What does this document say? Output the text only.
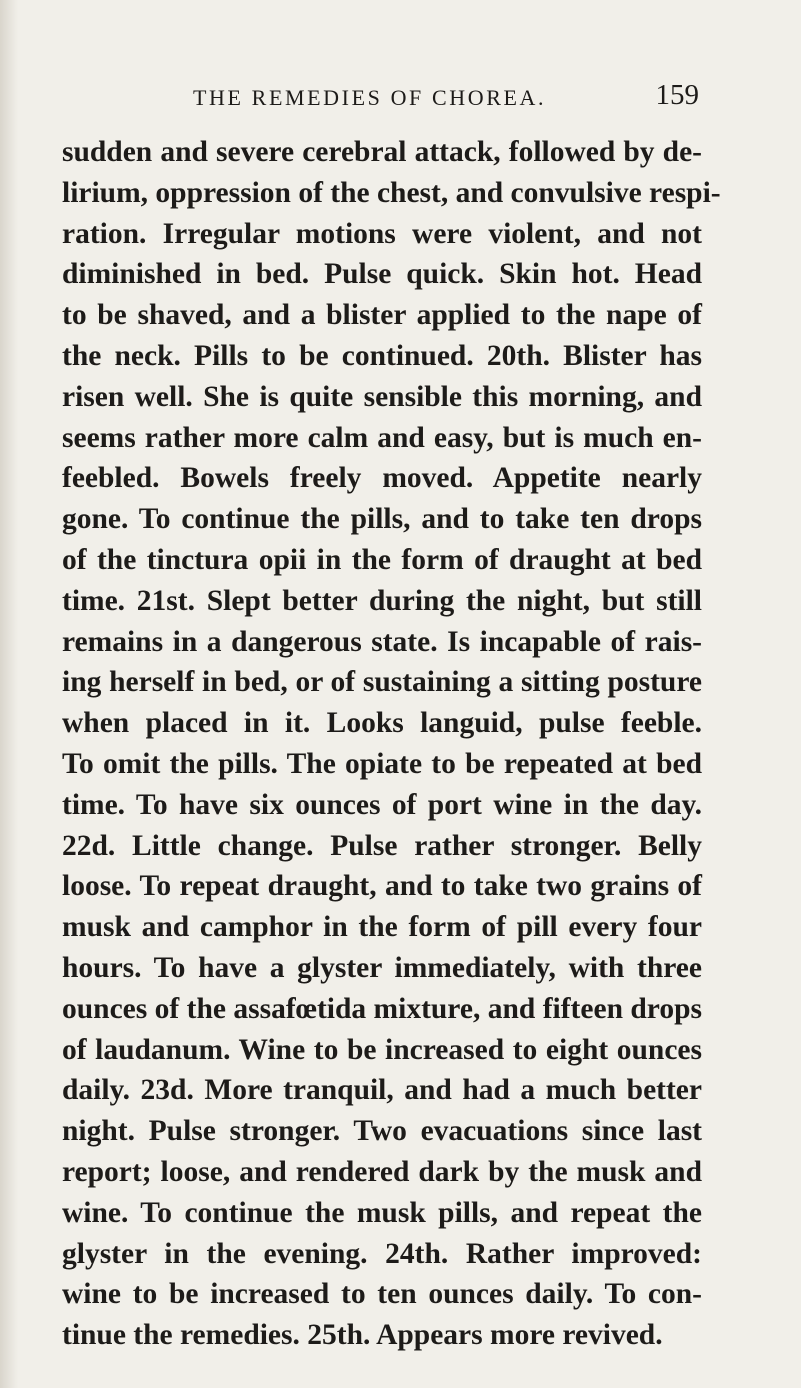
THE REMEDIES OF CHOREA.	159
sudden and severe cerebral attack, followed by de-
lirium, oppression of the chest, and convulsive respi-
ration. Irregular motions were violent, and not
diminished in bed. Pulse quick. Skin hot. Head
to be shaved, and a blister applied to the nape of
the neck. Pills to be continued. 20th. Blister has
risen well. She is quite sensible this morning, and
seems rather more calm and easy, but is much en-
feebled. Bowels freely moved. Appetite nearly
gone. To continue the pills, and to take ten drops
of the tinctura opii in the form of draught at bed
time. 21st. Slept better during the night, but still
remains in a dangerous state. Is incapable of rais-
ing herself in bed, or of sustaining a sitting posture
when placed in it. Looks languid, pulse feeble.
To omit the pills. The opiate to be repeated at bed
time. To have six ounces of port wine in the day.
22d. Little change. Pulse rather stronger. Belly
loose. To repeat draught, and to take two grains of
musk and camphor in the form of pill every four
hours. To have a glyster immediately, with three
ounces of the assafœtida mixture, and fifteen drops
of laudanum. Wine to be increased to eight ounces
daily. 23d. More tranquil, and had a much better
night. Pulse stronger. Two evacuations since last
report; loose, and rendered dark by the musk and
wine. To continue the musk pills, and repeat the
glyster in the evening. 24th. Rather improved:
wine to be increased to ten ounces daily. To con-
tinue the remedies. 25th. Appears more revived.
